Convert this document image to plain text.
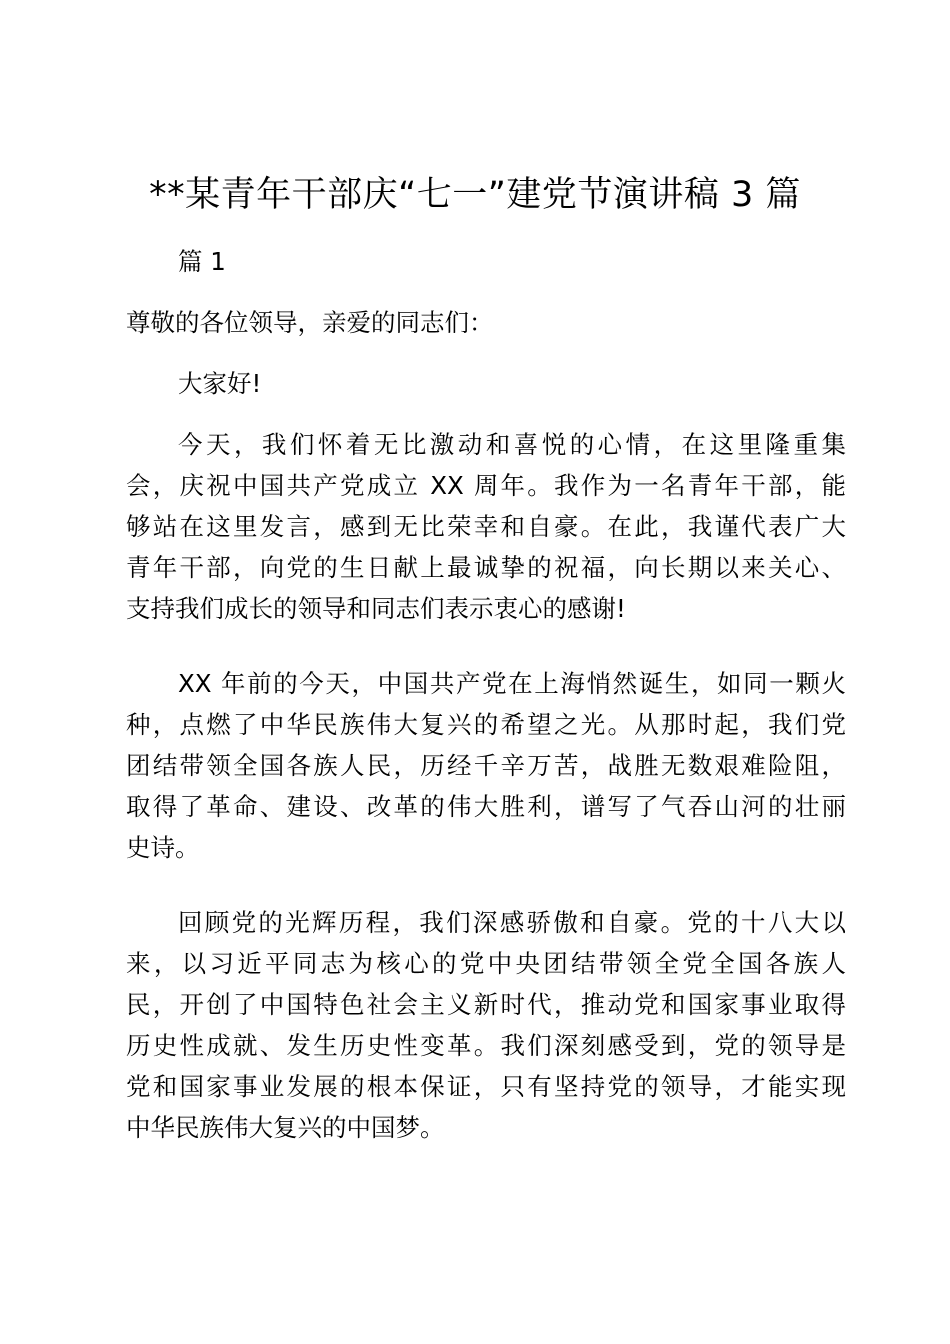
**某青年干部庆“七一”建党节演讲稿 3 篇
篇 1
尊敬的各位领导，亲爱的同志们：
大家好!
今天，我们怀着无比激动和喜悦的心情，在这里隆重集
会，庆祝中国共产党成立 XX 周年。我作为一名青年干部，能
够站在这里发言，感到无比荣幸和自豪。在此，我谨代表广大
青年干部，向党的生日献上最诚挚的祝福，向长期以来关心、
支持我们成长的领导和同志们表示衷心的感谢!
XX 年前的今天，中国共产党在上海悄然诞生，如同一颗火
种，点燃了中华民族伟大复兴的希望之光。从那时起，我们党
团结带领全国各族人民，历经千辛万苦，战胜无数艰难险阻，
取得了革命、建设、改革的伟大胜利，谱写了气吞山河的壮丽
史诗。
回顾党的光辉历程，我们深感骄傲和自豪。党的十八大以
来，以习近平同志为核心的党中央团结带领全党全国各族人
民，开创了中国特色社会主义新时代，推动党和国家事业取得
历史性成就、发生历史性变革。我们深刻感受到，党的领导是
党和国家事业发展的根本保证，只有坚持党的领导，才能实现
中华民族伟大复兴的中国梦。
